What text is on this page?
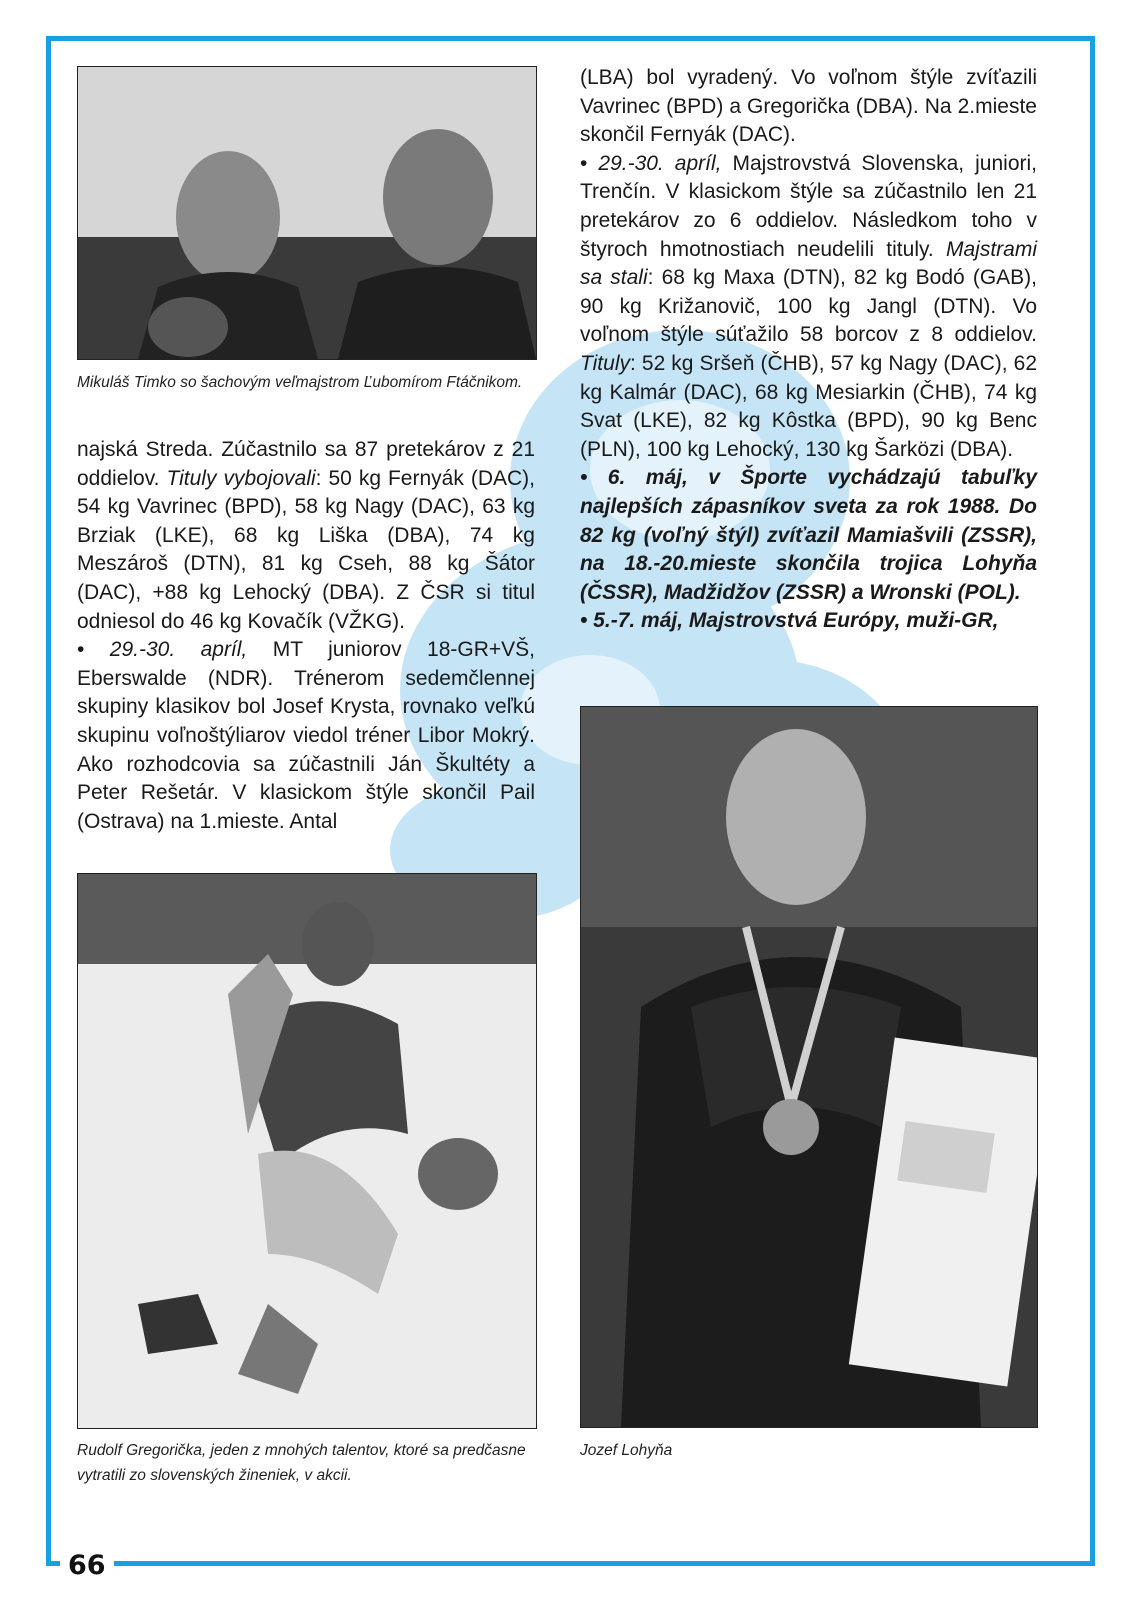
Mikuláš Timko so šachovým veľmajstrom Ľubomírom Ftáčnikom.

najská Streda. Zúčastnilo sa 87 pretekárov z 21 oddielov. Tituly vybojovali: 50 kg Fernyák (DAC), 54 kg Vavrinec (BPD), 58 kg Nagy (DAC), 63 kg Brziak (LKE), 68 kg Liška (DBA), 74 kg Meszároš (DTN), 81 kg Cseh, 88 kg Šátor (DAC), +88 kg Lehocký (DBA). Z ČSR si titul odniesol do 46 kg Kovačík (VŽKG).

• 29.-30. apríl, MT juniorov 18-GR+VŠ, Eberswalde (NDR). Trénerom sedemčlennej skupiny klasikov bol Josef Krysta, rovnako veľkú skupinu voľnoštýliarov viedol tréner Libor Mokrý. Ako rozhodcovia sa zúčastnili Ján Škultéty a Peter Rešetár. V klasickom štýle skončil Pail (Ostrava) na 1.mieste. Antal

Rudolf Gregorička, jeden z mnohých talentov, ktoré sa predčasne vytratili zo slovenských žineniek, v akcii.

(LBA) bol vyradený. Vo voľnom štýle zvíťazili Vavrinec (BPD) a Gregorička (DBA). Na 2.mieste skončil Fernyák (DAC).

• 29.-30. apríl, Majstrovstvá Slovenska, juniori, Trenčín. V klasickom štýle sa zúčastnilo len 21 pretekárov zo 6 oddielov. Následkom toho v štyroch hmotnostiach neudelili tituly. Majstrami sa stali: 68 kg Maxa (DTN), 82 kg Bodó (GAB), 90 kg Križanovič, 100 kg Jangl (DTN). Vo voľnom štýle súťažilo 58 borcov z 8 oddielov. Tituly: 52 kg Sršeň (ČHB), 57 kg Nagy (DAC), 62 kg Kalmár (DAC), 68 kg Mesiarkin (ČHB), 74 kg Svat (LKE), 82 kg Kôstka (BPD), 90 kg Benc (PLN), 100 kg Lehocký, 130 kg Šarközi (DBA).

• 6. máj, v Športe vychádzajú tabuľky najlepších zápasníkov sveta za rok 1988. Do 82 kg (voľný štýl) zvíťazil Mamiašvili (ZSSR), na 18.-20.mieste skončila trojica Lohyňa (ČSSR), Madžidžov (ZSSR) a Wronski (POL).

• 5.-7. máj, Majstrovstvá Európy, muži-GR,

Jozef Lohyňa
66
